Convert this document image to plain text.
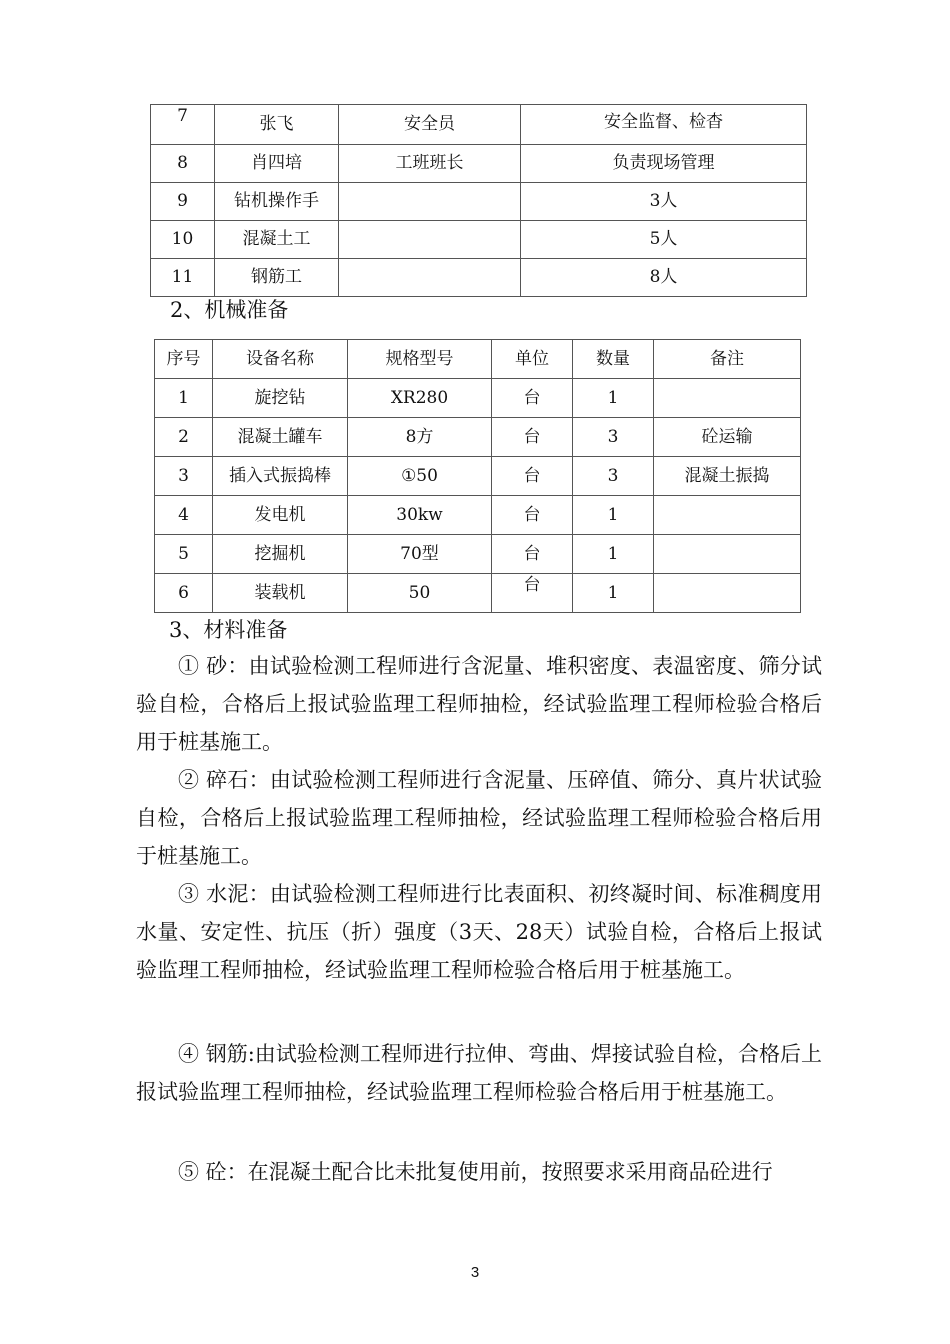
7	张飞	安全员	安全监督、检杳
8	肖四培	工班班长	负责现场管理
9	钻机操作手		3人
10	混凝土工		5人
11	钢筋工		8人
2、机械准备
序号	设备名称	规格型号	单位	数量	备注
1	旋挖钻	XR280	台	1	
2	混凝土罐车	8方	台	3	砼运输
3	插入式振捣棒	①50	台	3	混凝土振捣
4	发电机	30kw	台	1	
5	挖掘机	70型	台	1	
6	装载机	50	台	1	
3、材料准备

① 砂：由试验检测工程师进行含泥量、堆积密度、表温密度、筛分试验自检，合格后上报试验监理工程师抽检，经试验监理工程师检验合格后用于桩基施工。

② 碎石：由试验检测工程师进行含泥量、压碎值、筛分、真片状试验自检，合格后上报试验监理工程师抽检，经试验监理工程师检验合格后用于桩基施工。

③ 水泥：由试验检测工程师进行比表面积、初终凝时间、标准稠度用水量、安定性、抗压（折）强度（3天、28天）试验自检，合格后上报试验监理工程师抽检，经试验监理工程师检验合格后用于桩基施工。

④ 钢筋:由试验检测工程师进行拉伸、弯曲、焊接试验自检，合格后上报试验监理工程师抽检，经试验监理工程师检验合格后用于桩基施工。

⑤ 砼：在混凝土配合比未批复使用前，按照要求采用商品砼进行

3
